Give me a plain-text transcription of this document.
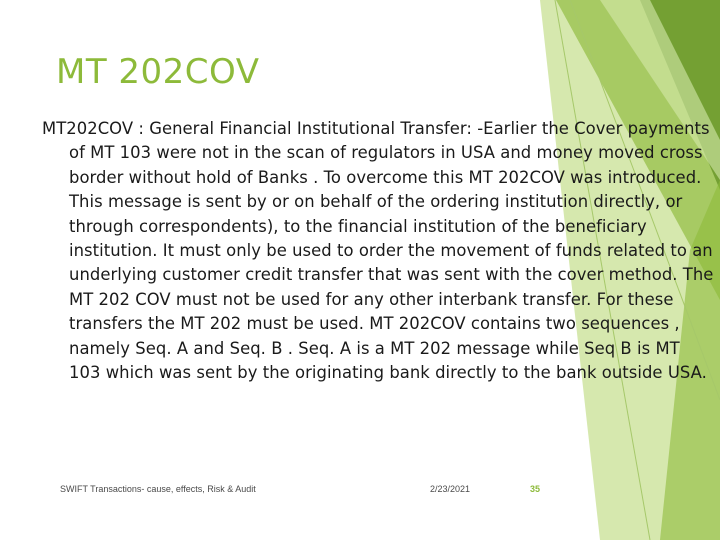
MT 202COV
MT202COV : General Financial Institutional Transfer: -Earlier the Cover payments of MT 103 were not in the scan of regulators in USA and money moved cross border without hold of Banks . To overcome this MT 202COV was introduced. This message is sent by or on behalf of the ordering institution directly, or through correspondents), to the financial institution of the beneficiary institution. It must only be used to order the movement of funds related to an underlying customer credit transfer that was sent with the cover method. The MT 202 COV must not be used for any other interbank transfer. For these transfers the MT 202 must be used. MT 202COV contains two sequences , namely Seq. A and Seq. B . Seq. A is a MT 202 message while Seq B is MT 103 which was sent by the originating bank directly to the bank outside USA.
SWIFT Transactions- cause, effects, Risk & Audit	2/23/2021	35
